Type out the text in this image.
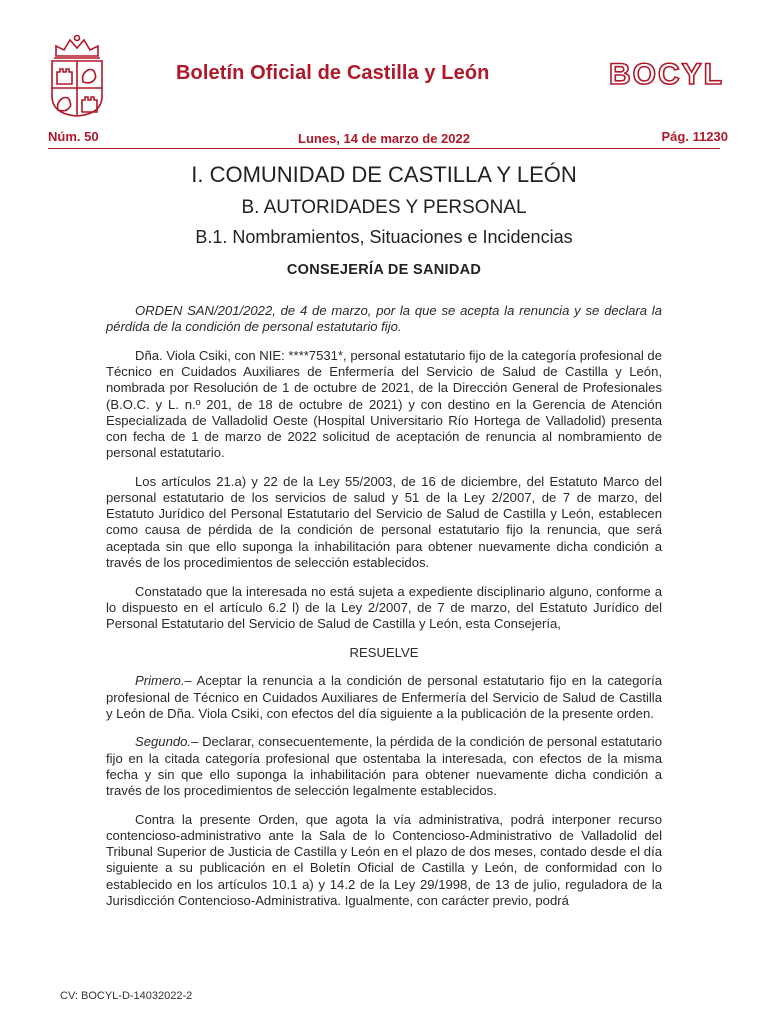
Boletín Oficial de Castilla y León	BOCYL
Núm. 50	Lunes, 14 de marzo de 2022	Pág. 11230
I. COMUNIDAD DE CASTILLA Y LEÓN
B. AUTORIDADES Y PERSONAL
B.1. Nombramientos, Situaciones e Incidencias
CONSEJERÍA DE SANIDAD

ORDEN SAN/201/2022, de 4 de marzo, por la que se acepta la renuncia y se declara la pérdida de la condición de personal estatutario fijo.

Dña. Viola Csiki, con NIE: ****7531*, personal estatutario fijo de la categoría profesional de Técnico en Cuidados Auxiliares de Enfermería del Servicio de Salud de Castilla y León, nombrada por Resolución de 1 de octubre de 2021, de la Dirección General de Profesionales (B.O.C. y L. n.º 201, de 18 de octubre de 2021) y con destino en la Gerencia de Atención Especializada de Valladolid Oeste (Hospital Universitario Río Hortega de Valladolid) presenta con fecha de 1 de marzo de 2022 solicitud de aceptación de renuncia al nombramiento de personal estatutario.

Los artículos 21.a) y 22 de la Ley 55/2003, de 16 de diciembre, del Estatuto Marco del personal estatutario de los servicios de salud y 51 de la Ley 2/2007, de 7 de marzo, del Estatuto Jurídico del Personal Estatutario del Servicio de Salud de Castilla y León, establecen como causa de pérdida de la condición de personal estatutario fijo la renuncia, que será aceptada sin que ello suponga la inhabilitación para obtener nuevamente dicha condición a través de los procedimientos de selección establecidos.

Constatado que la interesada no está sujeta a expediente disciplinario alguno, conforme a lo dispuesto en el artículo 6.2 l) de la Ley 2/2007, de 7 de marzo, del Estatuto Jurídico del Personal Estatutario del Servicio de Salud de Castilla y León, esta Consejería,

RESUELVE

Primero.– Aceptar la renuncia a la condición de personal estatutario fijo en la categoría profesional de Técnico en Cuidados Auxiliares de Enfermería del Servicio de Salud de Castilla y León de Dña. Viola Csiki, con efectos del día siguiente a la publicación de la presente orden.

Segundo.– Declarar, consecuentemente, la pérdida de la condición de personal estatutario fijo en la citada categoría profesional que ostentaba la interesada, con efectos de la misma fecha y sin que ello suponga la inhabilitación para obtener nuevamente dicha condición a través de los procedimientos de selección legalmente establecidos.

Contra la presente Orden, que agota la vía administrativa, podrá interponer recurso contencioso-administrativo ante la Sala de lo Contencioso-Administrativo de Valladolid del Tribunal Superior de Justicia de Castilla y León en el plazo de dos meses, contado desde el día siguiente a su publicación en el Boletín Oficial de Castilla y León, de conformidad con lo establecido en los artículos 10.1 a) y 14.2 de la Ley 29/1998, de 13 de julio, reguladora de la Jurisdicción Contencioso-Administrativa. Igualmente, con carácter previo, podrá

CV: BOCYL-D-14032022-2
